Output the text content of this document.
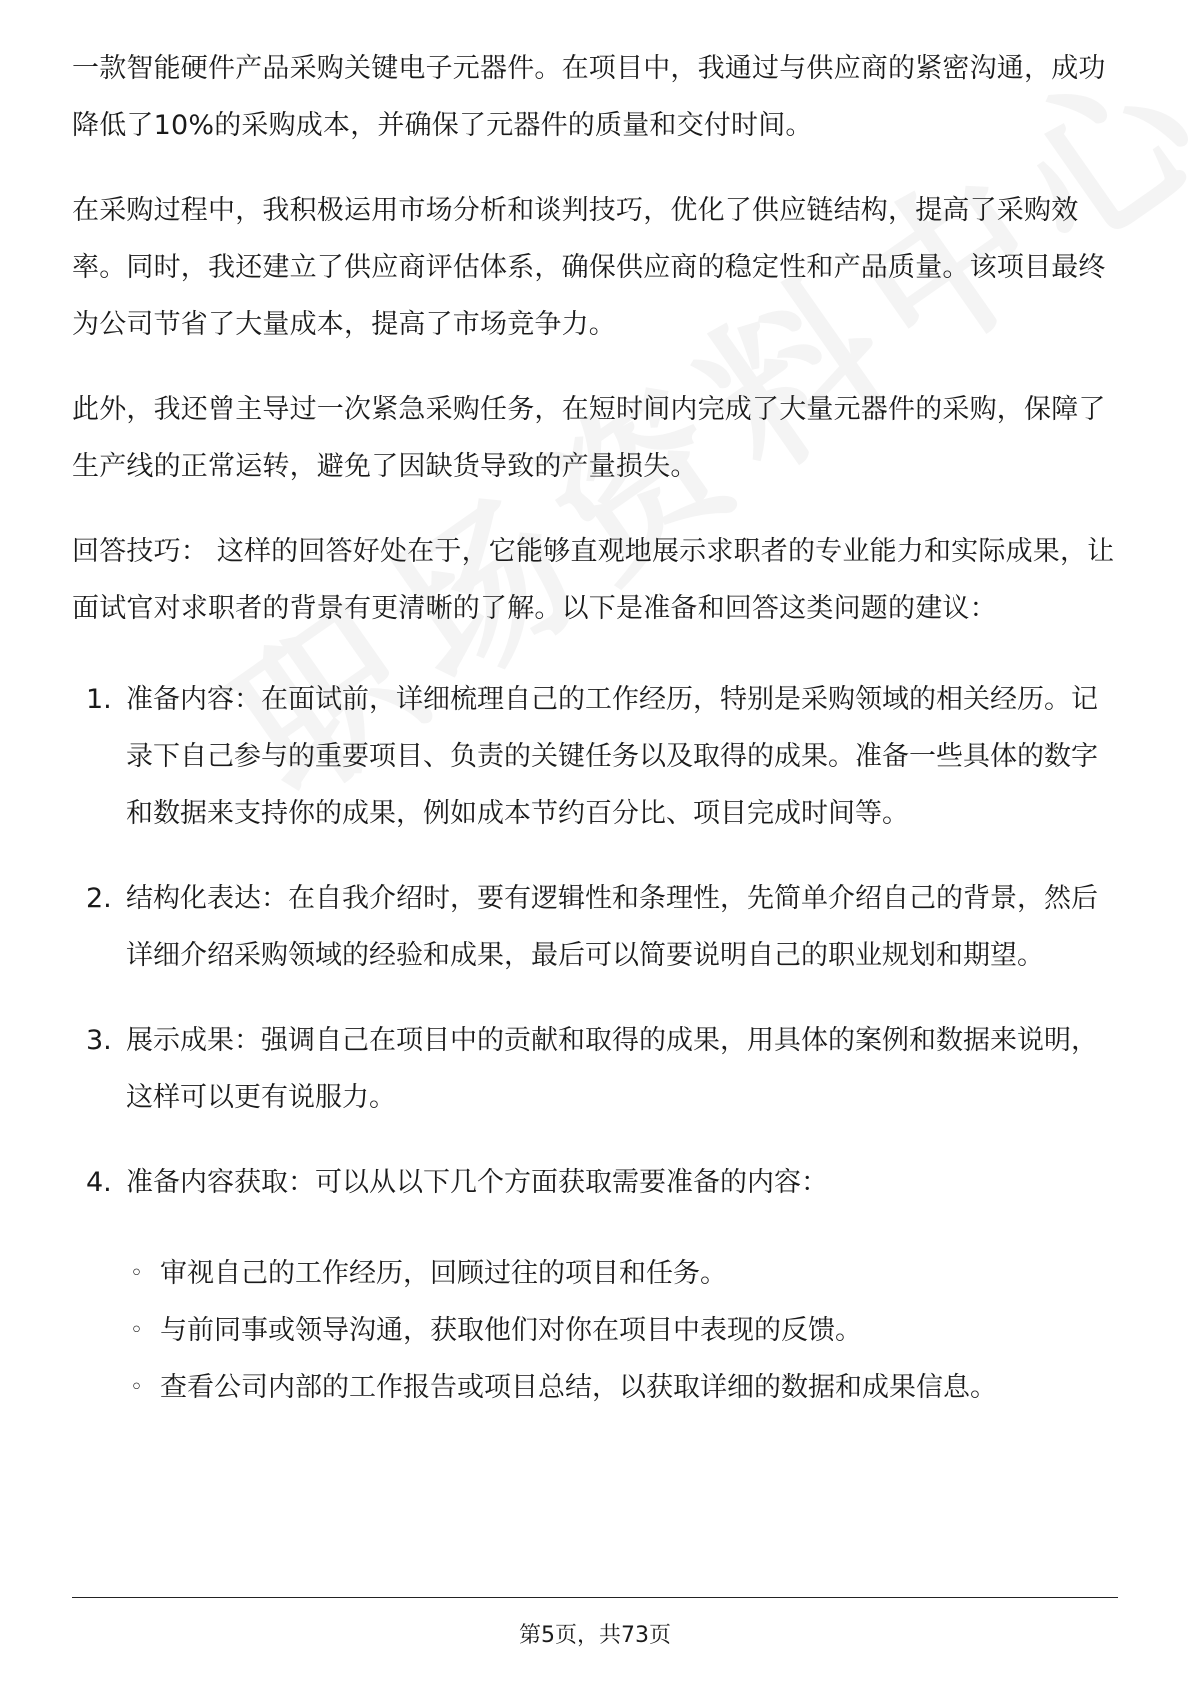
一款智能硬件产品采购关键电子元器件。在项目中，我通过与供应商的紧密沟通，成功降低了10%的采购成本，并确保了元器件的质量和交付时间。

在采购过程中，我积极运用市场分析和谈判技巧，优化了供应链结构，提高了采购效率。同时，我还建立了供应商评估体系，确保供应商的稳定性和产品质量。该项目最终为公司节省了大量成本，提高了市场竞争力。

此外，我还曾主导过一次紧急采购任务，在短时间内完成了大量元器件的采购，保障了生产线的正常运转，避免了因缺货导致的产量损失。

回答技巧： 这样的回答好处在于，它能够直观地展示求职者的专业能力和实际成果，让面试官对求职者的背景有更清晰的了解。以下是准备和回答这类问题的建议：

1. 准备内容：在面试前，详细梳理自己的工作经历，特别是采购领域的相关经历。记录下自己参与的重要项目、负责的关键任务以及取得的成果。准备一些具体的数字和数据来支持你的成果，例如成本节约百分比、项目完成时间等。
2. 结构化表达：在自我介绍时，要有逻辑性和条理性，先简单介绍自己的背景，然后详细介绍采购领域的经验和成果，最后可以简要说明自己的职业规划和期望。
3. 展示成果：强调自己在项目中的贡献和取得的成果，用具体的案例和数据来说明，这样可以更有说服力。
4. 准备内容获取：可以从以下几个方面获取需要准备的内容：
◦ 审视自己的工作经历，回顾过往的项目和任务。
◦ 与前同事或领导沟通，获取他们对你在项目中表现的反馈。
◦ 查看公司内部的工作报告或项目总结，以获取详细的数据和成果信息。
第5页，共73页
